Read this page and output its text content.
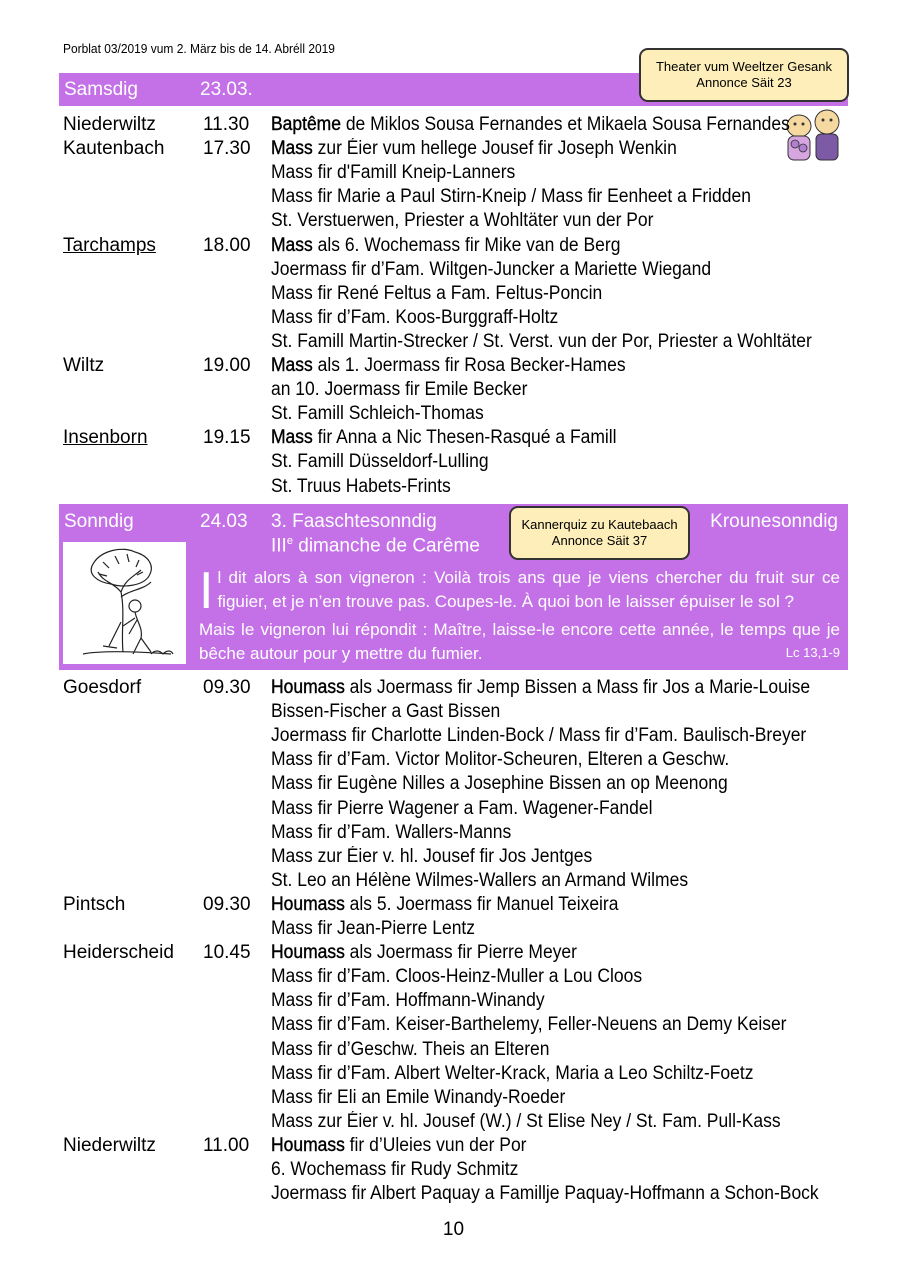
Porblat 03/2019 vum 2. März bis de 14. Abréll 2019
Samsdig	23.03.
Theater vum Weeltzer Gesank
Annonce Säit 23
Niederwiltz 11.30 Baptême de Miklos Sousa Fernandes et Mikaela Sousa Fernandes
Kautenbach 17.30 Mass zur Éier vum hellege Jousef fir Joseph Wenkin
Mass fir d'Famill Kneip-Lanners
Mass fir Marie a Paul Stirn-Kneip / Mass fir Eenheet a Fridden
St. Verstuerwen, Priester a Wohltäter vun der Por
Tarchamps 18.00 Mass als 6. Wochemass fir Mike van de Berg
Joermass fir d’Fam. Wiltgen-Juncker a Mariette Wiegand
Mass fir René Feltus a Fam. Feltus-Poncin
Mass fir d’Fam. Koos-Burggraff-Holtz
St. Famill Martin-Strecker / St. Verst. vun der Por, Priester a Wohltäter
Wiltz	19.00 Mass als 1. Joermass fir Rosa Becker-Hames
an 10. Joermass fir Emile Becker
St. Famill Schleich-Thomas
Insenborn	19.15 Mass fir Anna a Nic Thesen-Rasqué a Famill
St. Famill Düsseldorf-Lulling
St. Truus Habets-Frints
Sonndig	24.03 3. Faaschtesonndig
IIIe dimanche de Carême
Krounesonndig
Kannerquiz zu Kautebaach
Annonce Säit 37
Il dit alors à son vigneron : Voilà trois ans que je viens chercher du fruit sur ce figuier, et je n’en trouve pas. Coupes-le. À quoi bon le laisser épuiser le sol ?
Mais le vigneron lui répondit : Maître, laisse-le encore cette année, le temps que je bêche autour pour y mettre du fumier.	Lc 13,1-9
Goesdorf	09.30 Houmass als Joermass fir Jemp Bissen a Mass fir Jos a Marie-Louise
Bissen-Fischer a Gast Bissen
Joermass fir Charlotte Linden-Bock / Mass fir d’Fam. Baulisch-Breyer
Mass fir d’Fam. Victor Molitor-Scheuren, Elteren a Geschw.
Mass fir Eugène Nilles a Josephine Bissen an op Meenong
Mass fir Pierre Wagener a Fam. Wagener-Fandel
Mass fir d’Fam. Wallers-Manns
Mass zur Éier v. hl. Jousef fir Jos Jentges
St. Leo an Hélène Wilmes-Wallers an Armand Wilmes
Pintsch	09.30 Houmass als 5. Joermass fir Manuel Teixeira
Mass fir Jean-Pierre Lentz
Heiderscheid 10.45 Houmass als Joermass fir Pierre Meyer
Mass fir d’Fam. Cloos-Heinz-Muller a Lou Cloos
Mass fir d’Fam. Hoffmann-Winandy
Mass fir d’Fam. Keiser-Barthelemy, Feller-Neuens an Demy Keiser
Mass fir d’Geschw. Theis an Elteren
Mass fir d’Fam. Albert Welter-Krack, Maria a Leo Schiltz-Foetz
Mass fir Eli an Emile Winandy-Roeder
Mass zur Éier v. hl. Jousef (W.) / St Elise Ney / St. Fam. Pull-Kass
Niederwiltz 11.00 Houmass fir d’Uleies vun der Por
6. Wochemass fir Rudy Schmitz
Joermass fir Albert Paquay a Famillje Paquay-Hoffmann a Schon-Bock
10
